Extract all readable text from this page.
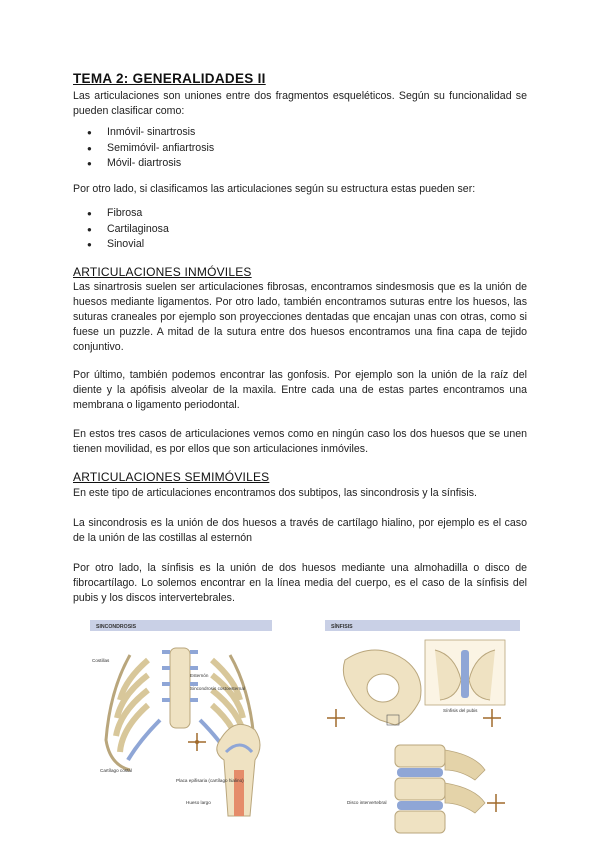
TEMA 2: GENERALIDADES II

Las articulaciones son uniones entre dos fragmentos esqueléticos. Según su funcionalidad se pueden clasificar como:

● Inmóvil- sinartrosis
● Semimóvil- anfiartrosis
● Móvil- diartrosis

Por otro lado, si clasificamos las articulaciones según su estructura estas pueden ser:

● Fibrosa
● Cartilaginosa
● Sinovial
ARTICULACIONES INMÓVILES

Las sinartrosis suelen ser articulaciones fibrosas, encontramos sindesmosis que es la unión de huesos mediante ligamentos. Por otro lado, también encontramos suturas entre los huesos, las suturas craneales por ejemplo son proyecciones dentadas que encajan unas con otras, como si fuese un puzzle. A mitad de la sutura entre dos huesos encontramos una fina capa de tejido conjuntivo.

Por último, también podemos encontrar las gonfosis. Por ejemplo son la unión de la raíz del diente y la apófisis alveolar de la maxila. Entre cada una de estas partes encontramos una membrana o ligamento periodontal.

En estos tres casos de articulaciones vemos como en ningún caso los dos huesos que se unen tienen movilidad, es por ellos que son articulaciones inmóviles.

ARTICULACIONES SEMIMÓVILES

En este tipo de articulaciones encontramos dos subtipos, las sincondrosis y la sínfisis.

La sincondrosis es la unión de dos huesos a través de cartílago hialino, por ejemplo es el caso de la unión de las costillas al esternón

Por otro lado, la sínfisis es la unión de dos huesos mediante una almohadilla o disco de fibrocartílago. Lo solemos encontrar en la línea media del cuerpo, es el caso de la sínfisis del pubis y los discos intervertebrales.

SINCONDROSIS
Costillas
Esternón
Sincondrosis costoesternal
Cartílago costal
Placa epifisaria (cartílago hialino)
Hueso largo
SÍNFISIS
Sínfisis del pubis
Disco intervertebral
